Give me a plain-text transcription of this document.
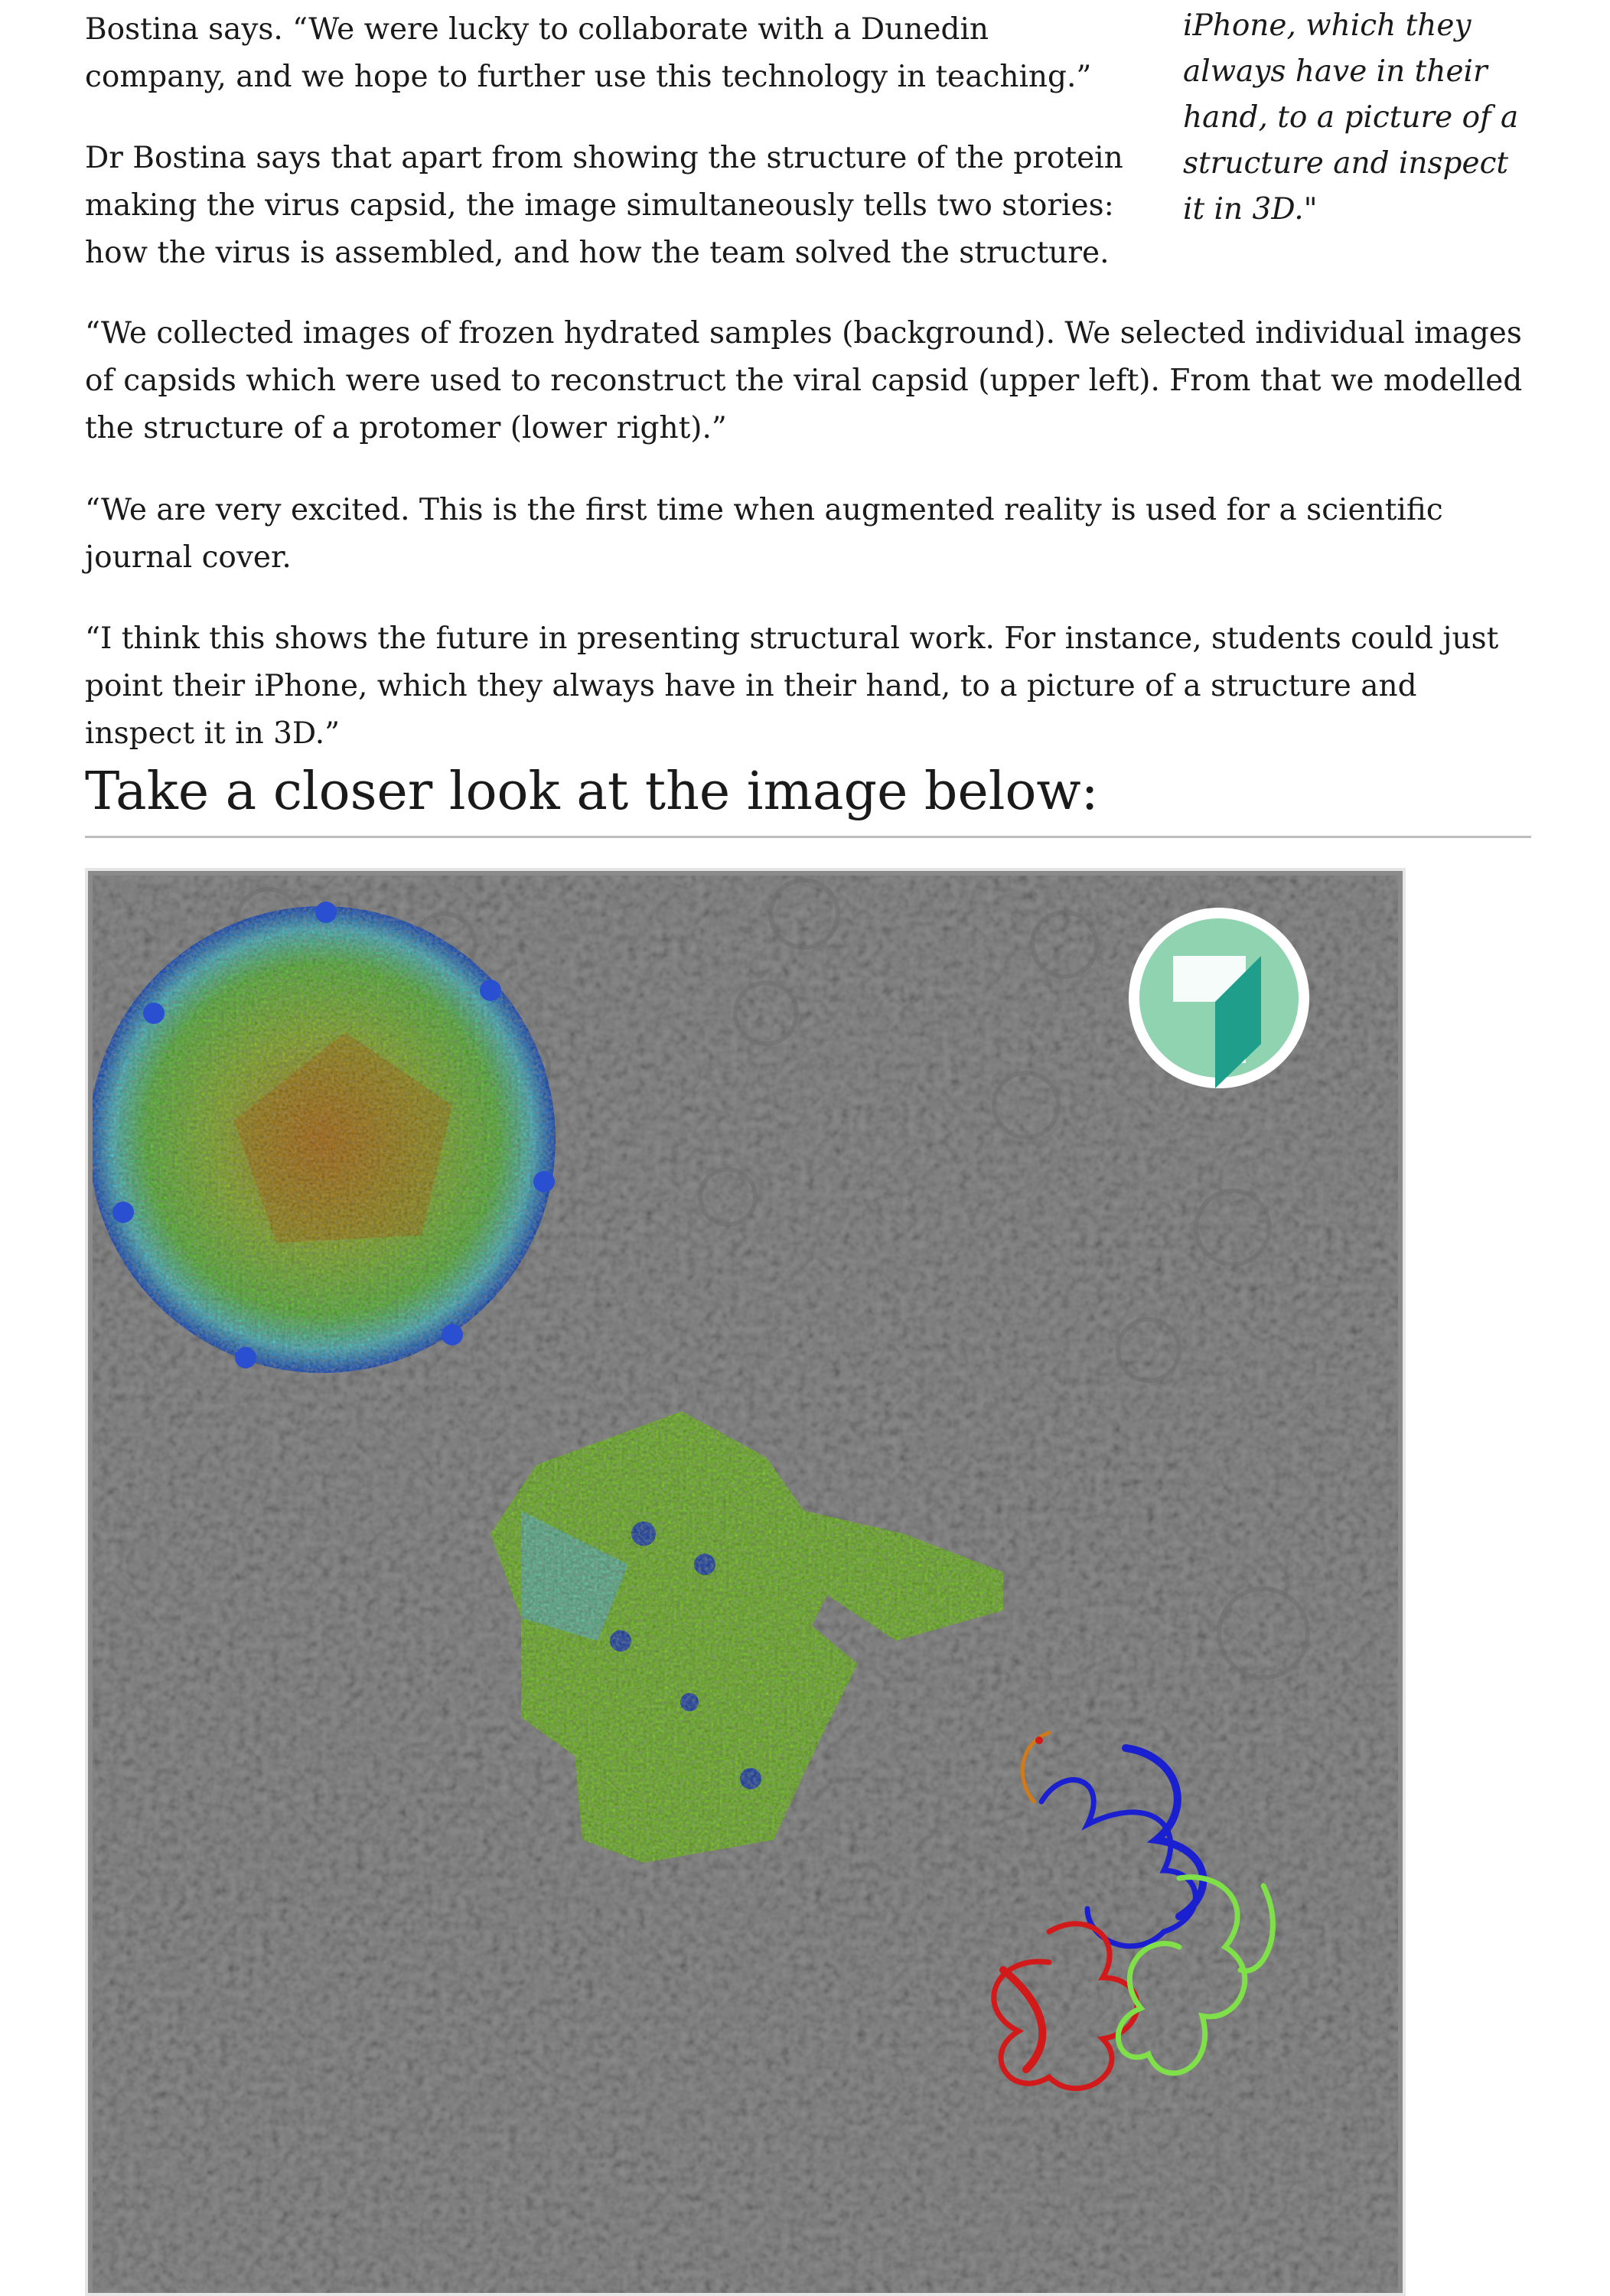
Bostina says. “We were lucky to collaborate with a Dunedin company, and we hope to further use this technology in teaching.”

Dr Bostina says that apart from showing the structure of the protein making the virus capsid, the image simultaneously tells two stories: how the virus is assembled, and how the team solved the structure.

iPhone, which they always have in their hand, to a picture of a structure and inspect it in 3D."

“We collected images of frozen hydrated samples (background). We selected individual images of capsids which were used to reconstruct the viral capsid (upper left). From that we modelled the structure of a protomer (lower right).”

“We are very excited. This is the first time when augmented reality is used for a scientific journal cover.

“I think this shows the future in presenting structural work. For instance, students could just point their iPhone, which they always have in their hand, to a picture of a structure and inspect it in 3D.”

Take a closer look at the image below:
